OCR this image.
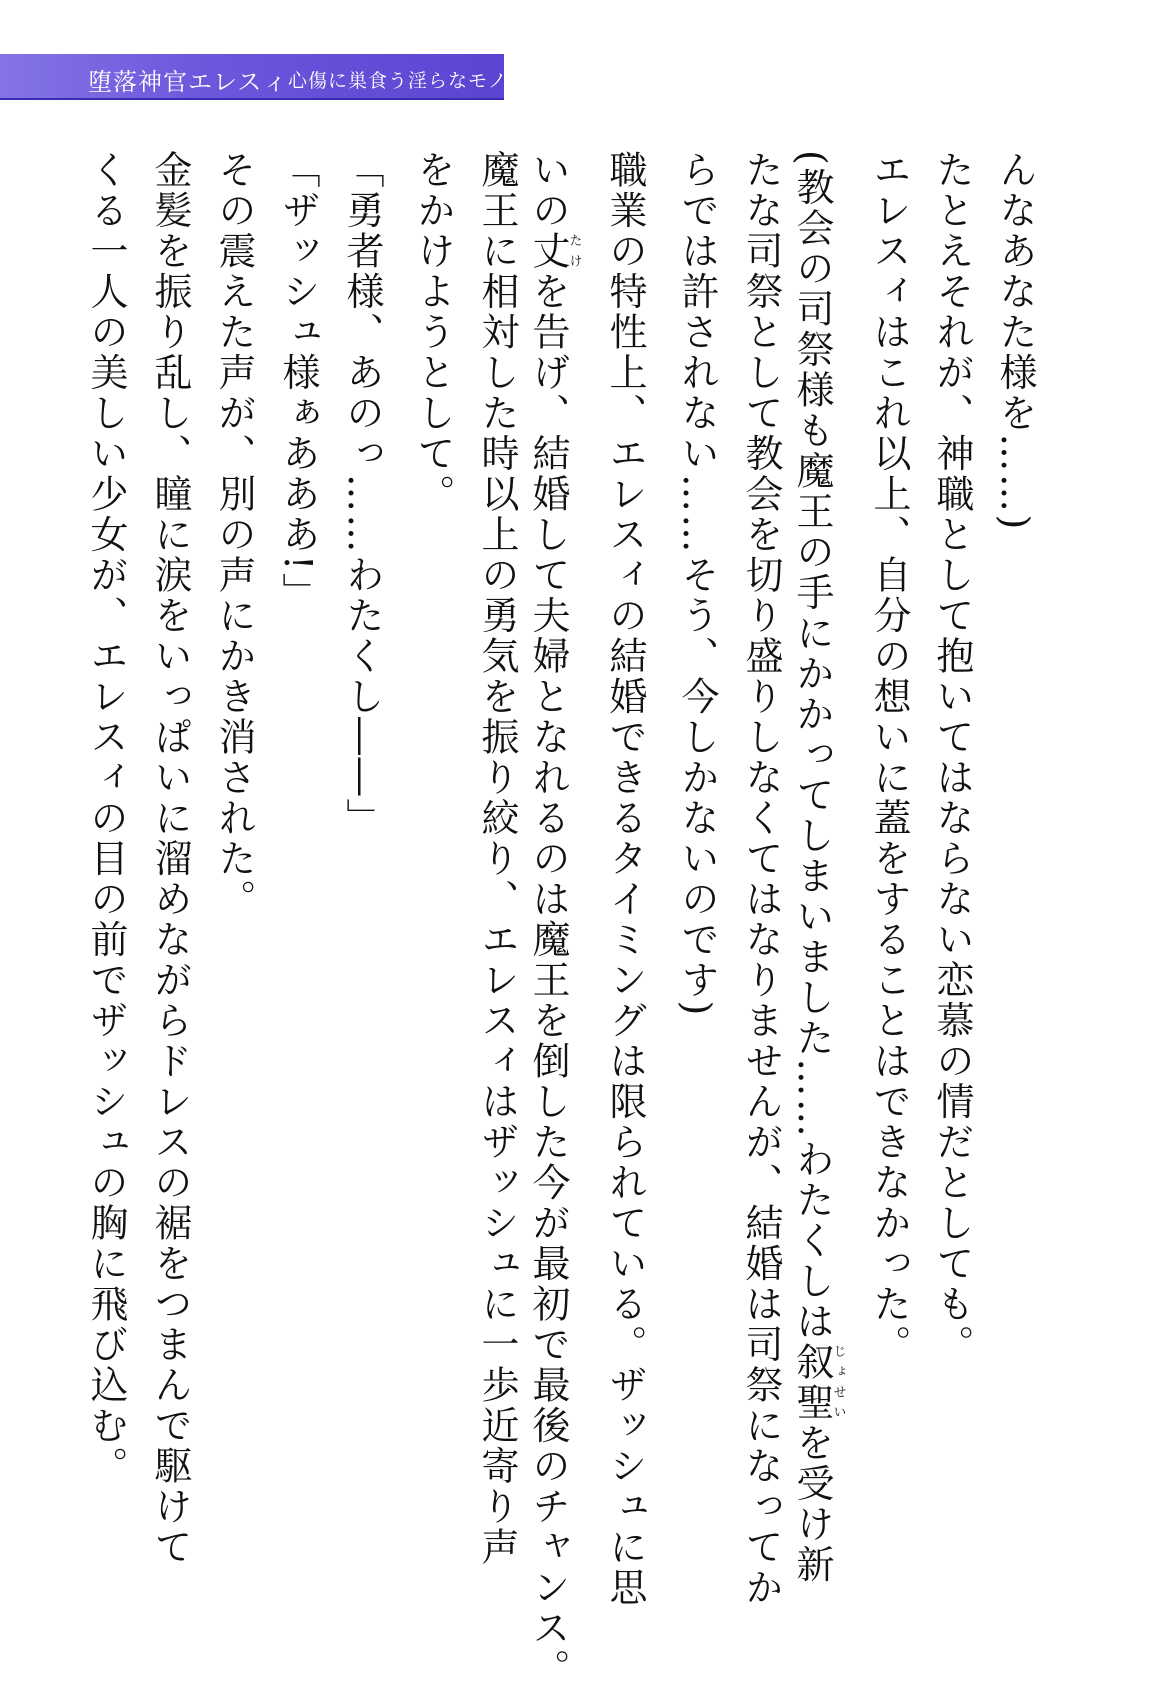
堕落神官エレスィ 心傷に巣食う淫らなモノ
んなあなた様を……)
たとえそれが、神職として抱いてはならない恋慕の情だとしても。
エレスィはこれ以上、自分の想いに蓋をすることはできなかった。
(教会の司祭様も魔王の手にかかってしまいました……わたくしは叙聖じょせいを受け新
たな司祭として教会を切り盛りしなくてはなりませんが、結婚は司祭になってか
らでは許されない……そう、今しかないのです)
職業の特性上、エレスィの結婚できるタイミングは限られている。ザッシュに思
いの丈たけを告げ、結婚して夫婦となれるのは魔王を倒した今が最初で最後のチャンス。
魔王に相対した時以上の勇気を振り絞り、エレスィはザッシュに一歩近寄り声
をかけようとして。
「勇者様、あのっ……わたくし――」
「ザッシュ様ぁあああ!」
その震えた声が、別の声にかき消された。
金髪を振り乱し、瞳に涙をいっぱいに溜めながらドレスの裾をつまんで駆けて
くる一人の美しい少女が、エレスィの目の前でザッシュの胸に飛び込む。
